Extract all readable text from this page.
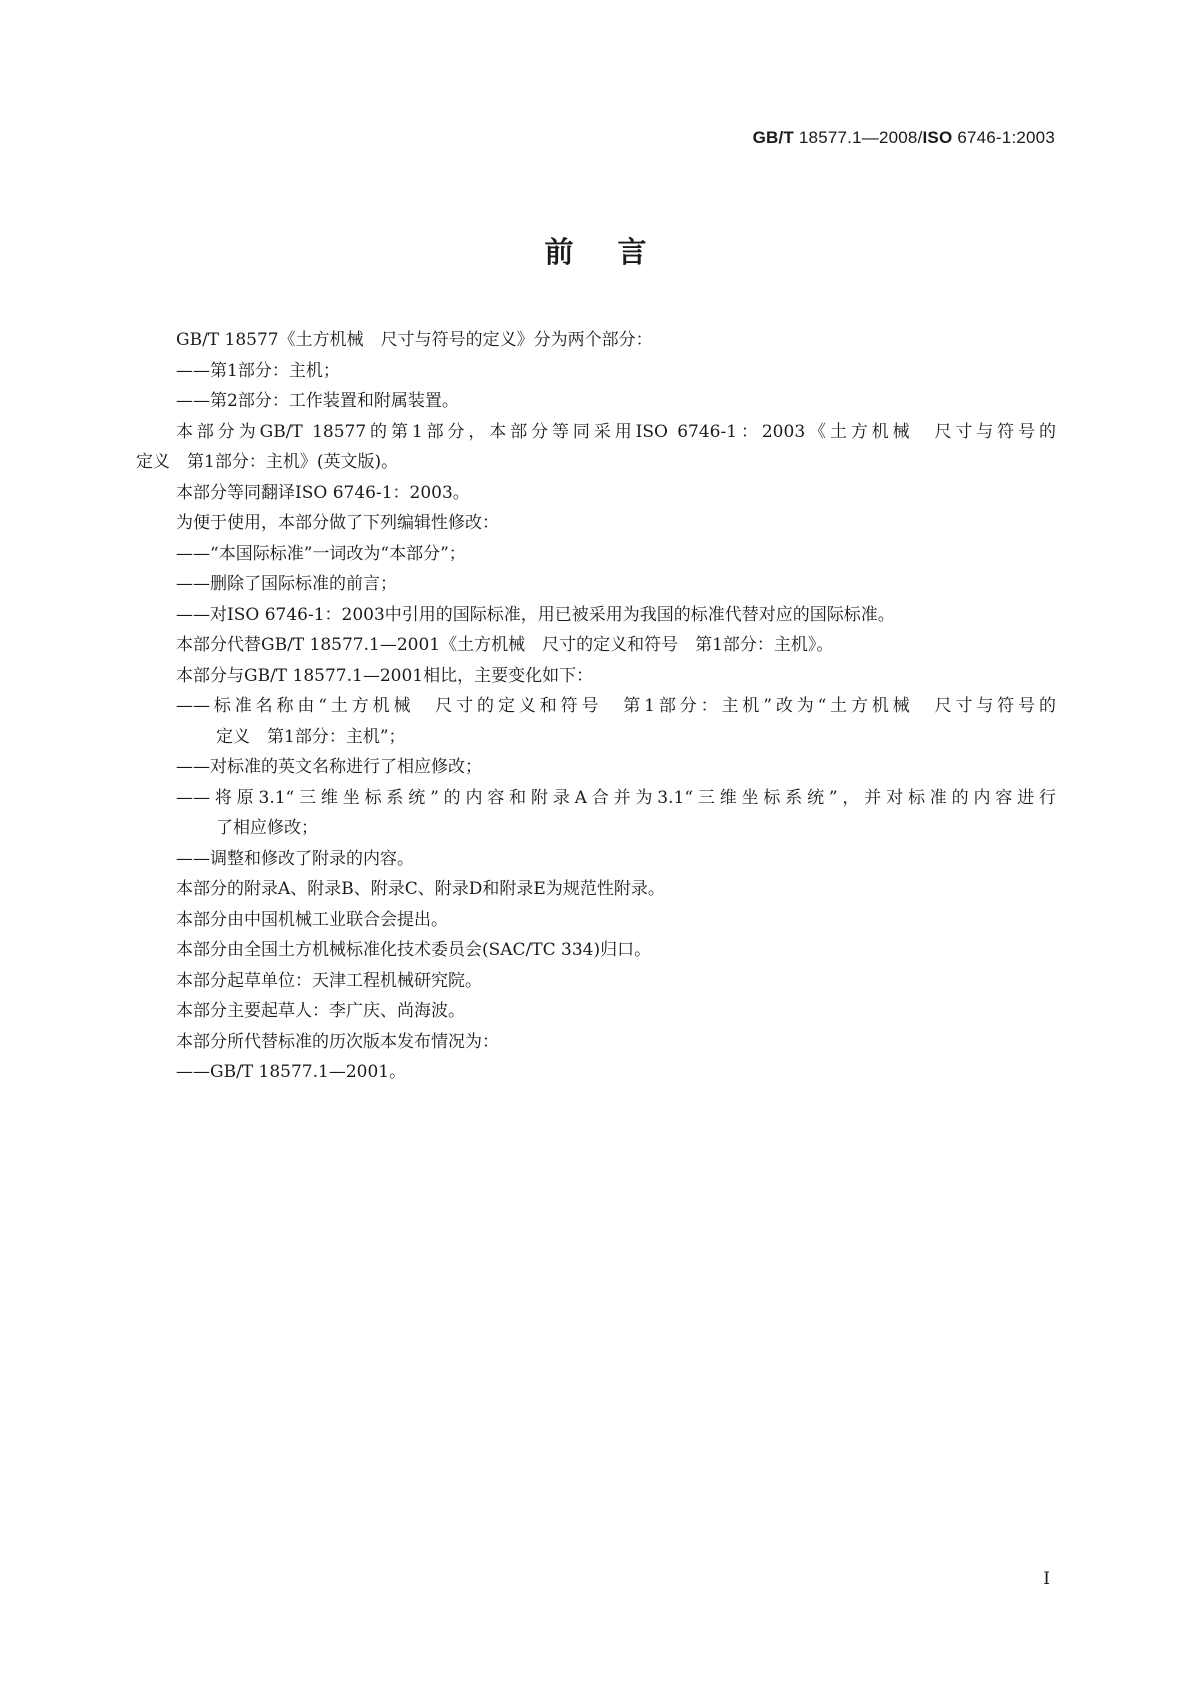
GB/T 18577.1—2008/ISO 6746-1:2003
前言
GB/T 18577《土方机械　尺寸与符号的定义》分为两个部分：
——第1部分：主机；
——第2部分：工作装置和附属装置。
本部分为GB/T 18577的第1部分，本部分等同采用ISO 6746-1：2003《土方机械　尺寸与符号的
定义　第1部分：主机》(英文版)。
本部分等同翻译ISO 6746-1：2003。
为便于使用，本部分做了下列编辑性修改：
——“本国际标准”一词改为“本部分”；
——删除了国际标准的前言；
——对ISO 6746-1：2003中引用的国际标准，用已被采用为我国的标准代替对应的国际标准。
本部分代替GB/T 18577.1—2001《土方机械　尺寸的定义和符号　第1部分：主机》。
本部分与GB/T 18577.1—2001相比，主要变化如下：
——标准名称由“土方机械　尺寸的定义和符号　第1部分：主机”改为“土方机械　尺寸与符号的
定义　第1部分：主机”；
——对标准的英文名称进行了相应修改；
——将原3.1“三维坐标系统”的内容和附录A合并为3.1“三维坐标系统”，并对标准的内容进行
了相应修改；
——调整和修改了附录的内容。
本部分的附录A、附录B、附录C、附录D和附录E为规范性附录。
本部分由中国机械工业联合会提出。
本部分由全国土方机械标准化技术委员会(SAC/TC 334)归口。
本部分起草单位：天津工程机械研究院。
本部分主要起草人：李广庆、尚海波。
本部分所代替标准的历次版本发布情况为：
——GB/T 18577.1—2001。
I
